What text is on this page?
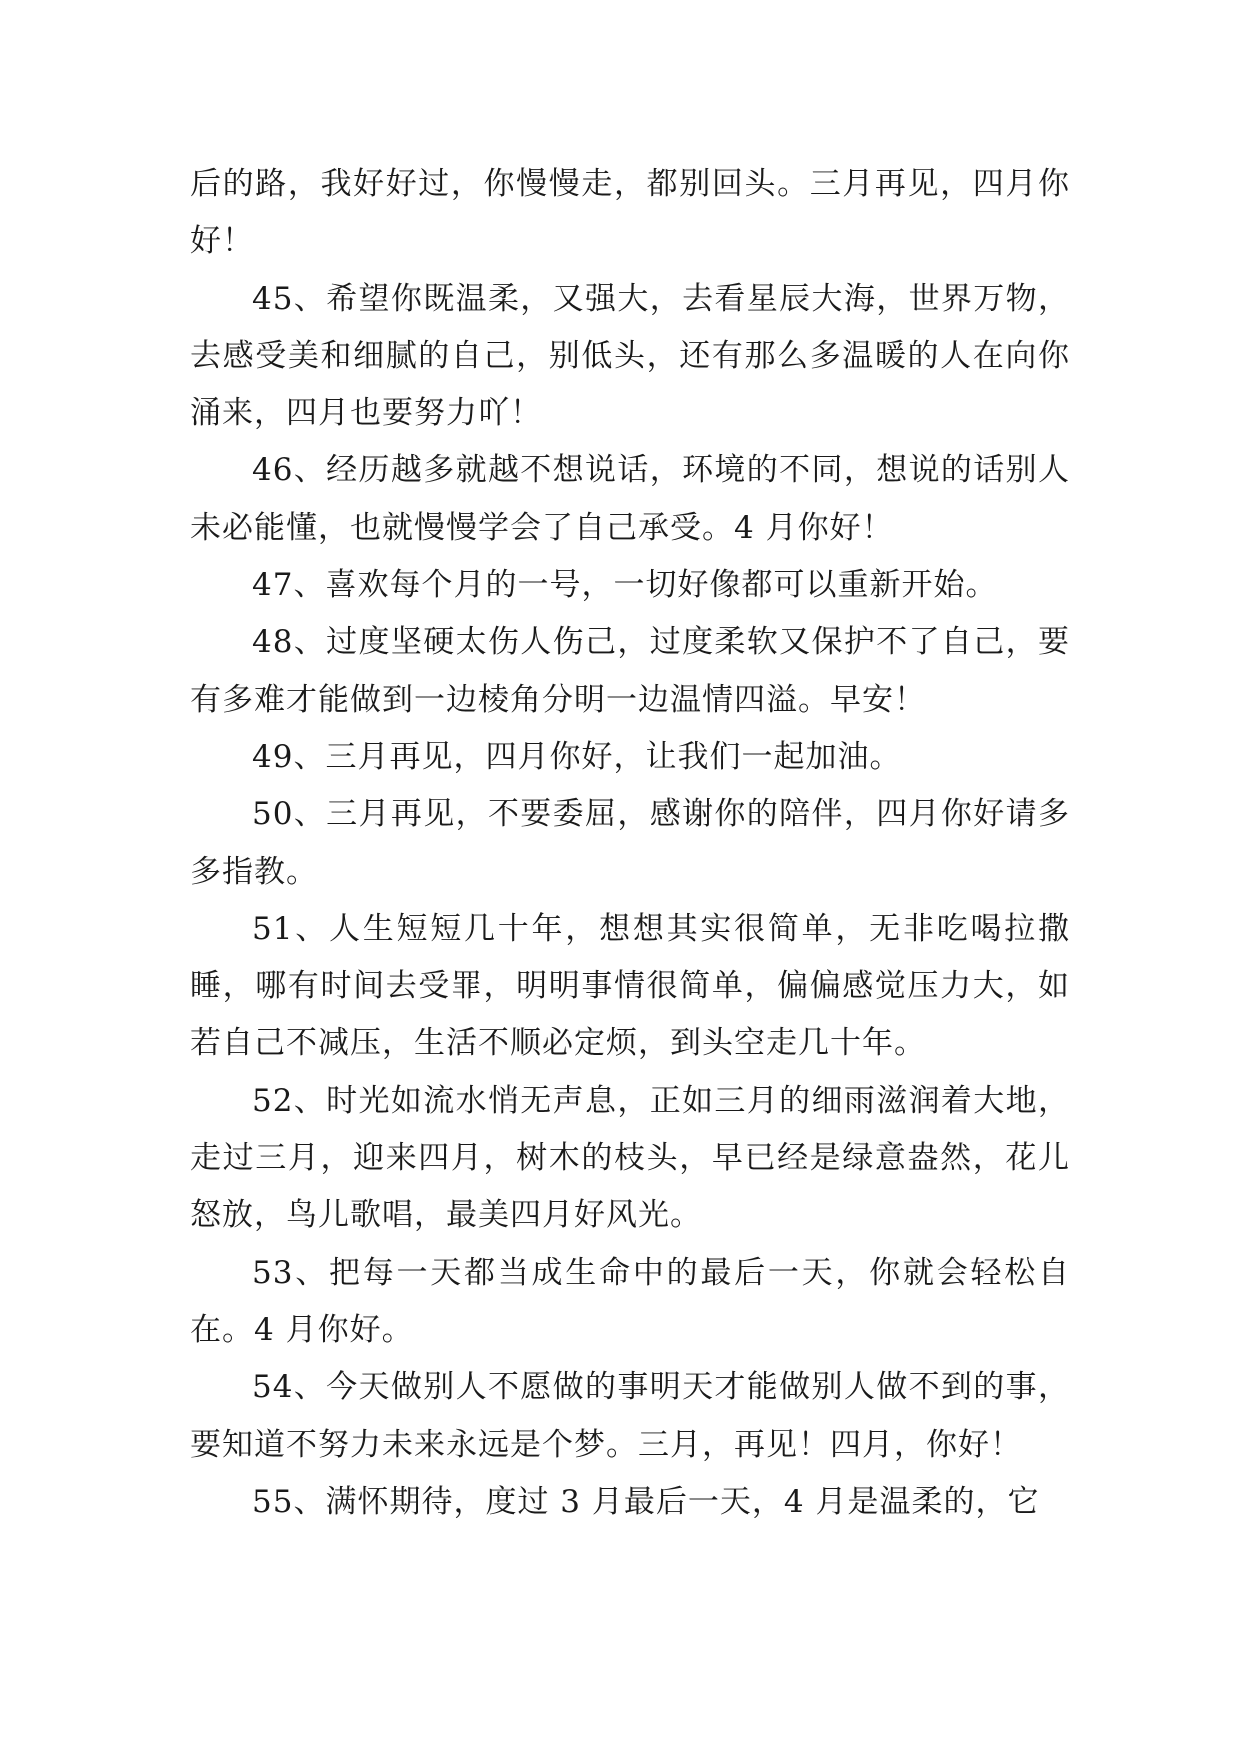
后的路，我好好过，你慢慢走，都别回头。三月再见，四月你好！

45、希望你既温柔，又强大，去看星辰大海，世界万物，去感受美和细腻的自己，别低头，还有那么多温暖的人在向你涌来，四月也要努力吖！

46、经历越多就越不想说话，环境的不同，想说的话别人未必能懂，也就慢慢学会了自己承受。4 月你好！

47、喜欢每个月的一号，一切好像都可以重新开始。

48、过度坚硬太伤人伤己，过度柔软又保护不了自己，要有多难才能做到一边棱角分明一边温情四溢。早安！

49、三月再见，四月你好，让我们一起加油。

50、三月再见，不要委屈，感谢你的陪伴，四月你好请多多指教。

51、人生短短几十年，想想其实很简单，无非吃喝拉撒睡，哪有时间去受罪，明明事情很简单，偏偏感觉压力大，如若自己不减压，生活不顺必定烦，到头空走几十年。

52、时光如流水悄无声息，正如三月的细雨滋润着大地，走过三月，迎来四月，树木的枝头，早已经是绿意盎然，花儿怒放，鸟儿歌唱，最美四月好风光。

53、把每一天都当成生命中的最后一天，你就会轻松自在。4 月你好。

54、今天做别人不愿做的事明天才能做别人做不到的事，要知道不努力未来永远是个梦。三月，再见！四月，你好！

55、满怀期待，度过 3 月最后一天，4 月是温柔的，它
